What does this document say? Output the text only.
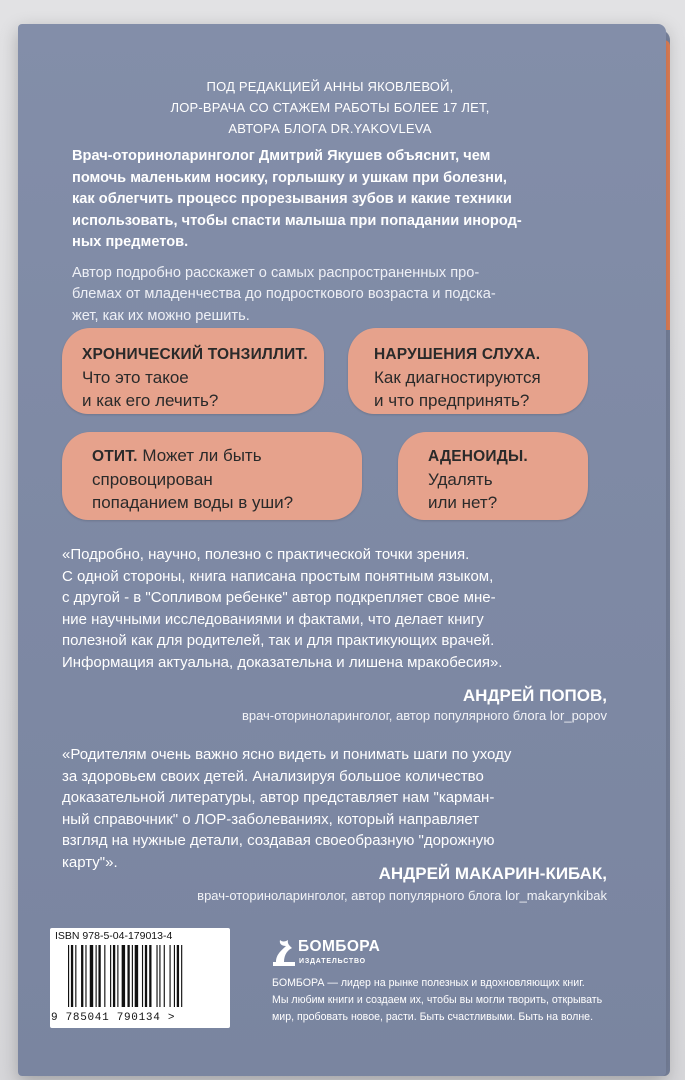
ПОД РЕДАКЦИЕЙ АННЫ ЯКОВЛЕВОЙ,
ЛОР-ВРАЧА СО СТАЖЕМ РАБОТЫ БОЛЕЕ 17 ЛЕТ,
АВТОРА БЛОГА DR.YAKOVLEVA
Врач-оториноларинголог Дмитрий Якушев объяснит, чем
помочь маленьким носику, горлышку и ушкам при болезни,
как облегчить процесс прорезывания зубов и какие техники
использовать, чтобы спасти малыша при попадании инород-
ных предметов.
Автор подробно расскажет о самых распространенных про-
блемах от младенчества до подросткового возраста и подска-
жет, как их можно решить.
ХРОНИЧЕСКИЙ ТОНЗИЛЛИТ.
Что это такое
и как его лечить?
НАРУШЕНИЯ СЛУХА.
Как диагностируются
и что предпринять?
ОТИТ. Может ли быть
спровоцирован
попаданием воды в уши?
АДЕНОИДЫ.
Удалять
или нет?
«Подробно, научно, полезно с практической точки зрения.
С одной стороны, книга написана простым понятным языком,
с другой - в "Сопливом ребенке" автор подкрепляет свое мне-
ние научными исследованиями и фактами, что делает книгу
полезной как для родителей, так и для практикующих врачей.
Информация актуальна, доказательна и лишена мракобесия».
АНДРЕЙ ПОПОВ,
врач-оториноларинголог, автор популярного блога lor_popov
«Родителям очень важно ясно видеть и понимать шаги по уходу
за здоровьем своих детей. Анализируя большое количество
доказательной литературы, автор представляет нам "карман-
ный справочник" о ЛОР-заболеваниях, который направляет
взгляд на нужные детали, создавая своеобразную "дорожную
карту"».
АНДРЕЙ МАКАРИН-КИБАК,
врач-оториноларинголог, автор популярного блога lor_makarynkibak
ISBN 978-5-04-179013-4
9 785041 790134 >
БОМБОРА
ИЗДАТЕЛЬСТВО
БОМБОРА — лидер на рынке полезных и вдохновляющих книг.
Мы любим книги и создаем их, чтобы вы могли творить, открывать
мир, пробовать новое, расти. Быть счастливыми. Быть на волне.
